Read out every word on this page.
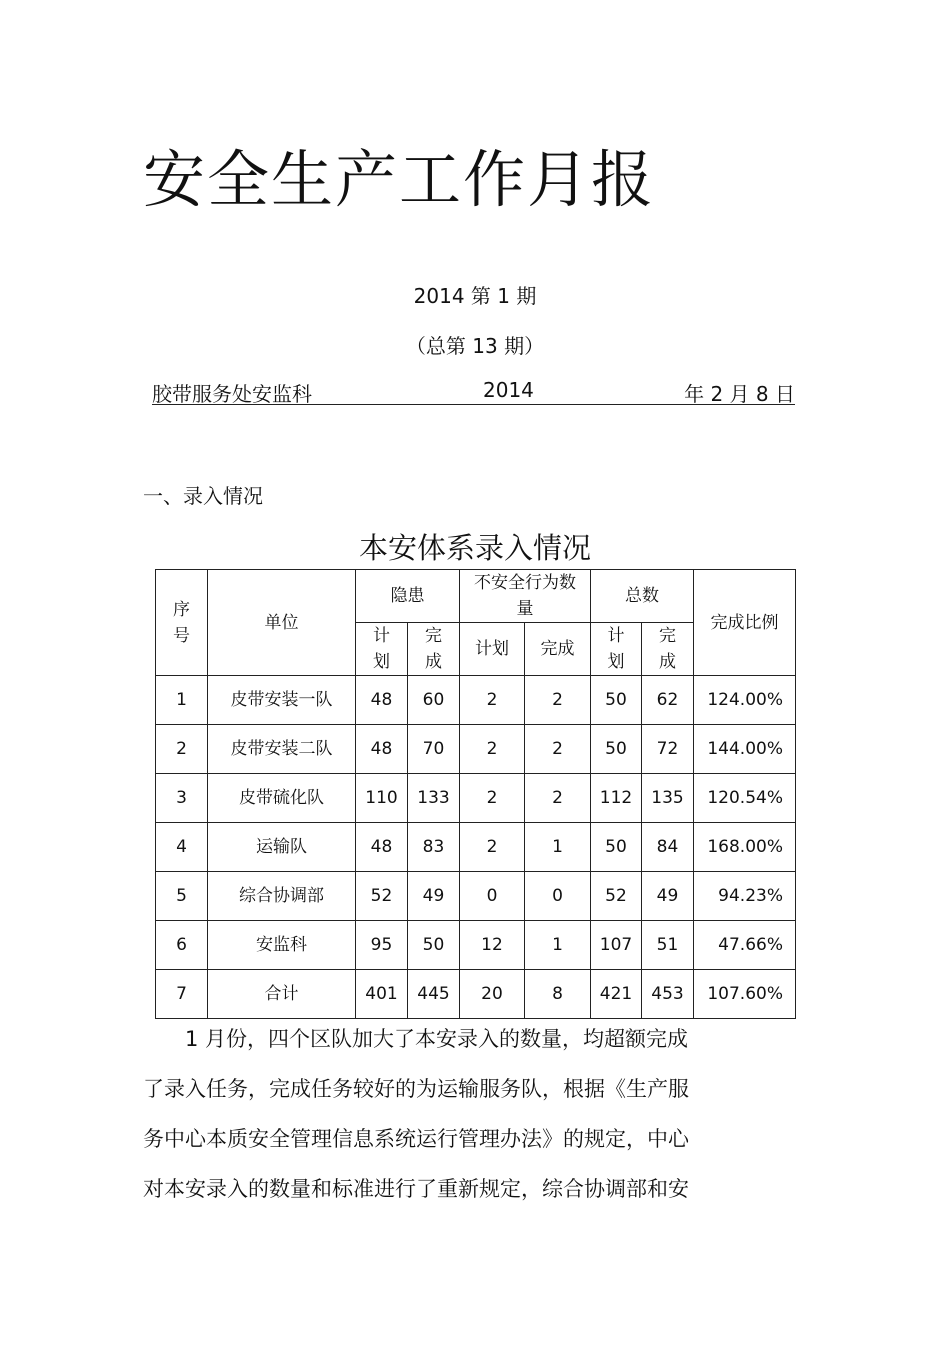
安全生产工作月报
2014 第 1 期
（总第 13 期）
胶带服务处安监科	2014	年 2 月 8 日
一、录入情况
本安体系录入情况
序号	单位	隐患		不安全行为数量		总数		完成比例

		计划	完成	计划	完成	计划	完成	

1	皮带安装一队	48	60	2	2	50	62	124.00%
2	皮带安装二队	48	70	2	2	50	72	144.00%
3	皮带硫化队	110	133	2	2	112	135	120.54%
4	运输队	48	83	2	1	50	84	168.00%
5	综合协调部	52	49	0	0	52	49	94.23%
6	安监科	95	50	12	1	107	51	47.66%
7	合计	401	445	20	8	421	453	107.60%
　　1 月份，四个区队加大了本安录入的数量，均超额完成
了录入任务，完成任务较好的为运输服务队，根据《生产服
务中心本质安全管理信息系统运行管理办法》的规定，中心
对本安录入的数量和标准进行了重新规定，综合协调部和安
